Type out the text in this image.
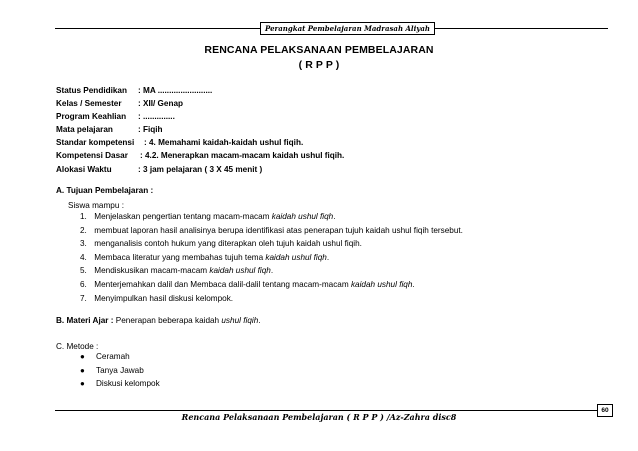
Perangkat Pembelajaran Madrasah Aliyah
RENCANA PELAKSANAAN PEMBELAJARAN
( R P P )
Status Pendidikan : MA ........................
Kelas / Semester : XII/ Genap
Program Keahlian : ..............
Mata pelajaran	: Fiqih
Standar kompetensi : 4. Memahami kaidah-kaidah ushul fiqih.
Kompetensi Dasar : 4.2. Menerapkan macam-macam kaidah ushul fiqih.
Alokasi Waktu	: 3 jam pelajaran ( 3 X 45 menit )
A. Tujuan Pembelajaran :
Siswa mampu :
1. Menjelaskan pengertian tentang macam-macam kaidah ushul fiqh.
2. membuat laporan hasil analisinya berupa identifikasi atas penerapan tujuh kaidah ushul fiqih tersebut.
3. menganalisis contoh hukum yang diterapkan oleh tujuh kaidah ushul fiqih.
4. Membaca literatur yang membahas tujuh tema kaidah ushul fiqh.
5. Mendiskusikan macam-macam kaidah ushul fiqh.
6. Menterjemahkan dalil dan Membaca dalil-dalil tentang macam-macam kaidah ushul fiqh.
7. Menyimpulkan hasil diskusi kelompok.
B. Materi Ajar : Penerapan beberapa kaidah ushul fiqih.
C. Metode :
● Ceramah
● Tanya Jawab
● Diskusi kelompok
60
Rencana Pelaksanaan Pembelajaran ( R P P ) /Az-Zahra disc8
